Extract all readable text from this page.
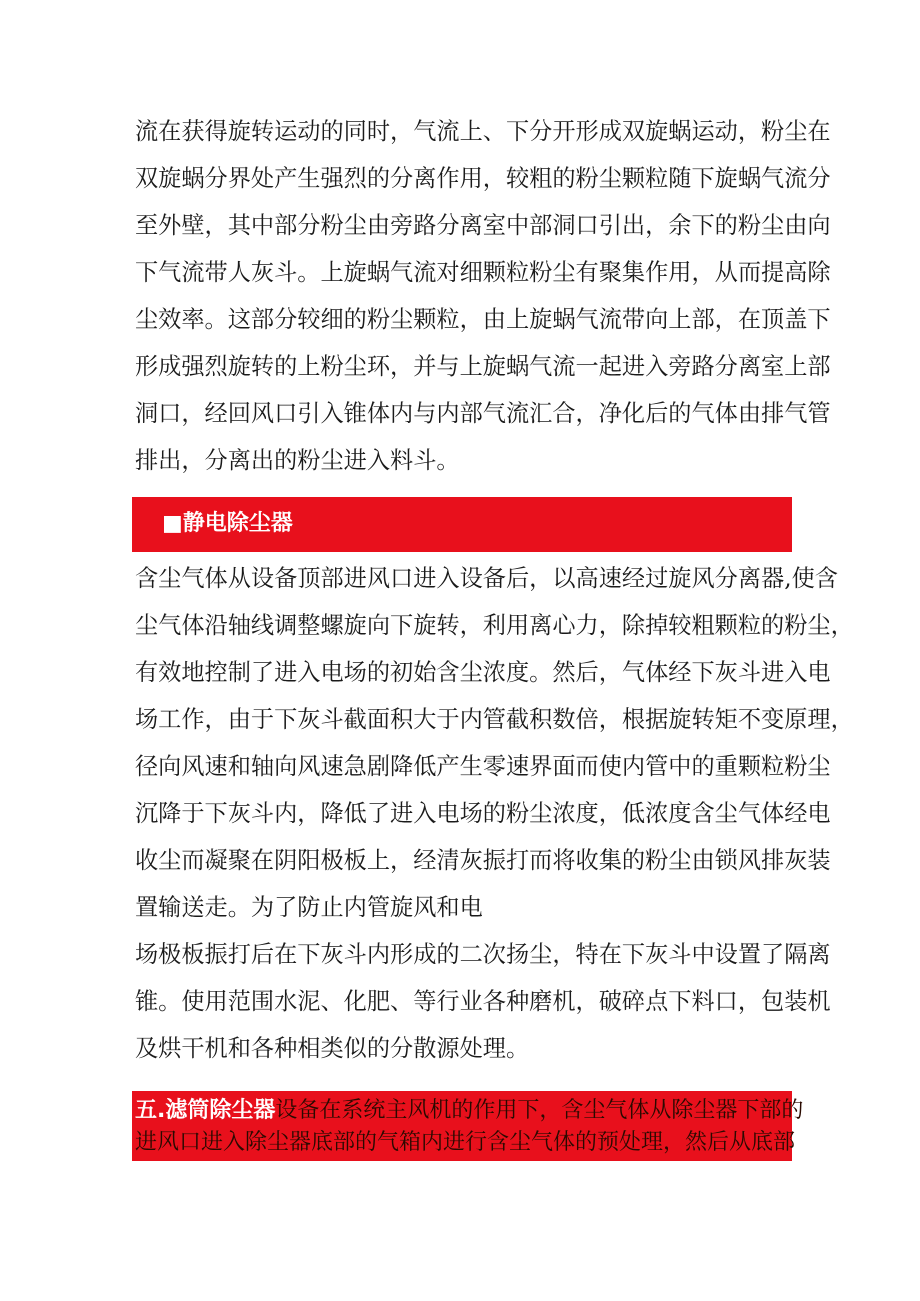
流在获得旋转运动的同时，气流上、下分开形成双旋蜗运动，粉尘在
双旋蜗分界处产生强烈的分离作用，较粗的粉尘颗粒随下旋蜗气流分
至外壁，其中部分粉尘由旁路分离室中部洞口引出，余下的粉尘由向
下气流带人灰斗。上旋蜗气流对细颗粒粉尘有聚集作用，从而提高除
尘效率。这部分较细的粉尘颗粒，由上旋蜗气流带向上部，在顶盖下
形成强烈旋转的上粉尘环，并与上旋蜗气流一起进入旁路分离室上部
洞口，经回风口引入锥体内与内部气流汇合，净化后的气体由排气管
排出，分离出的粉尘进入料斗。
■静电除尘器
含尘气体从设备顶部进风口进入设备后，以高速经过旋风分离器,使含
尘气体沿轴线调整螺旋向下旋转，利用离心力，除掉较粗颗粒的粉尘，
有效地控制了进入电场的初始含尘浓度。然后，气体经下灰斗进入电
场工作，由于下灰斗截面积大于内管截积数倍，根据旋转矩不变原理，
径向风速和轴向风速急剧降低产生零速界面而使内管中的重颗粒粉尘
沉降于下灰斗内，降低了进入电场的粉尘浓度，低浓度含尘气体经电
收尘而凝聚在阴阳极板上，经清灰振打而将收集的粉尘由锁风排灰装
置输送走。为了防止内管旋风和电
场极板振打后在下灰斗内形成的二次扬尘，特在下灰斗中设置了隔离
锥。使用范围水泥、化肥、等行业各种磨机，破碎点下料口，包装机
及烘干机和各种相类似的分散源处理。
五.滤筒除尘器设备在系统主风机的作用下，含尘气体从除尘器下部的
进风口进入除尘器底部的气箱内进行含尘气体的预处理，然后从底部
